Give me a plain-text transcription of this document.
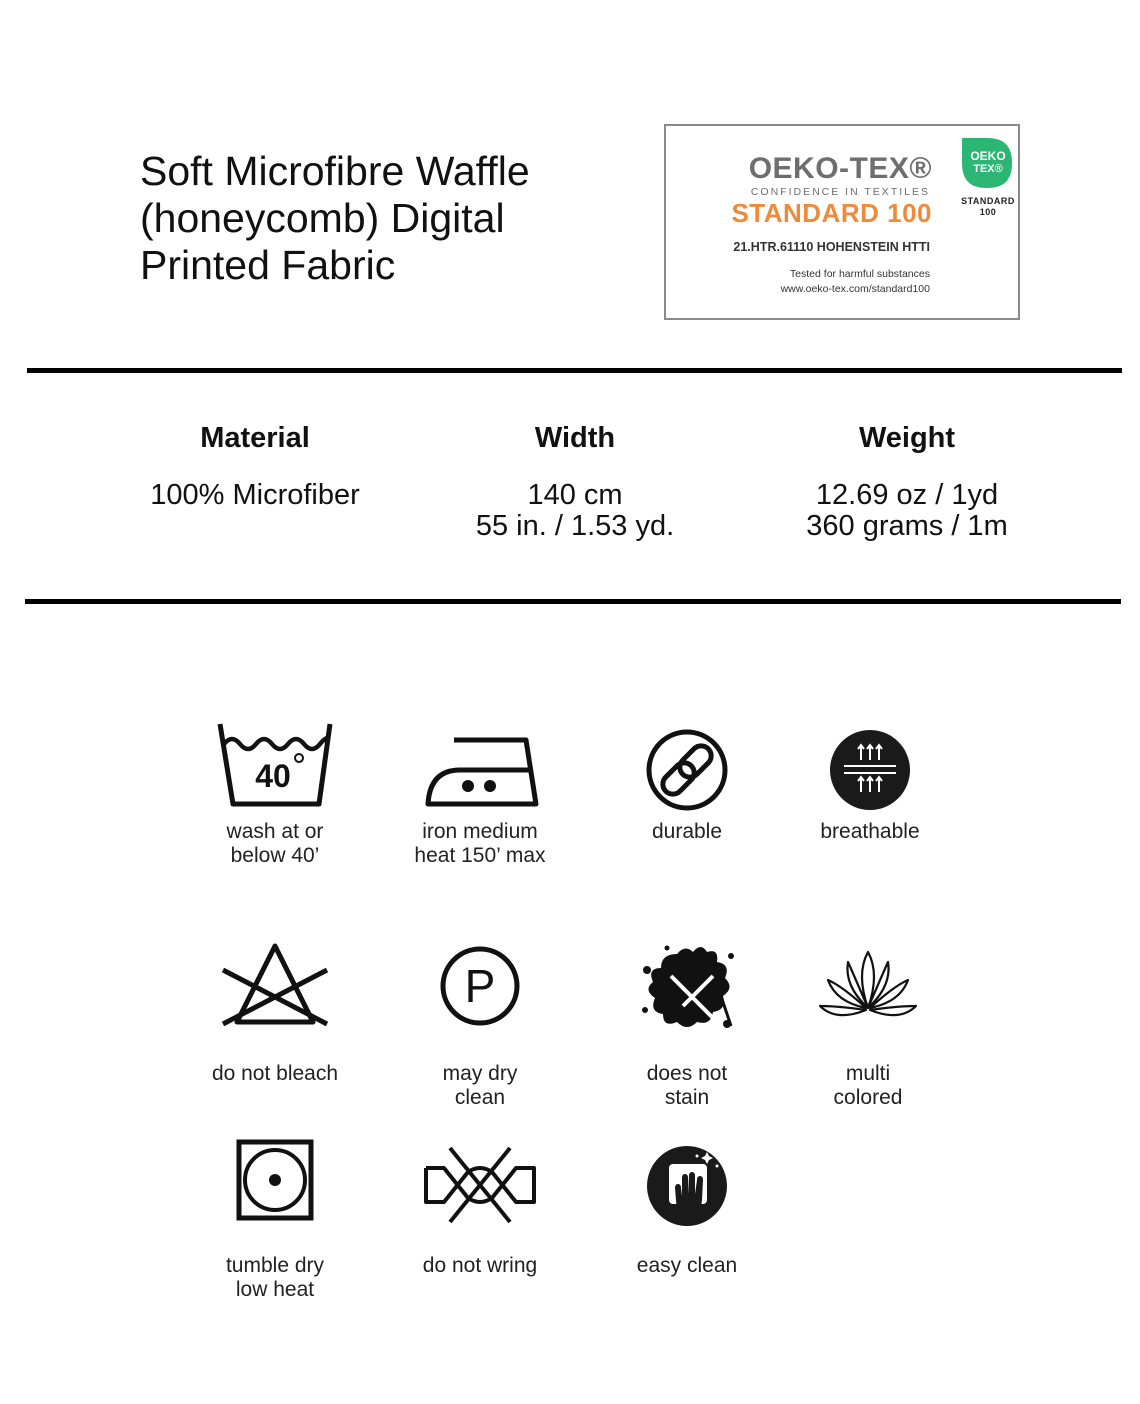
Soft Microfibre Waffle
(honeycomb) Digital
Printed Fabric
OEKO-TEX®
CONFIDENCE IN TEXTILES
STANDARD 100
21.HTR.61110 HOHENSTEIN HTTI
Tested for harmful substances
www.oeko-tex.com/standard100
OEKO
TEX®
STANDARD
100
Material
100% Microfiber
Width
140 cm
55 in. / 1.53 yd.
Weight
12.69 oz / 1yd
360 grams / 1m
40
wash at or
below 40’
iron medium
heat 150’ max
durable	breathable
do not bleach
P
may dry
clean
does not
stain
multi
colored
tumble dry
low heat
do not wring	easy clean
